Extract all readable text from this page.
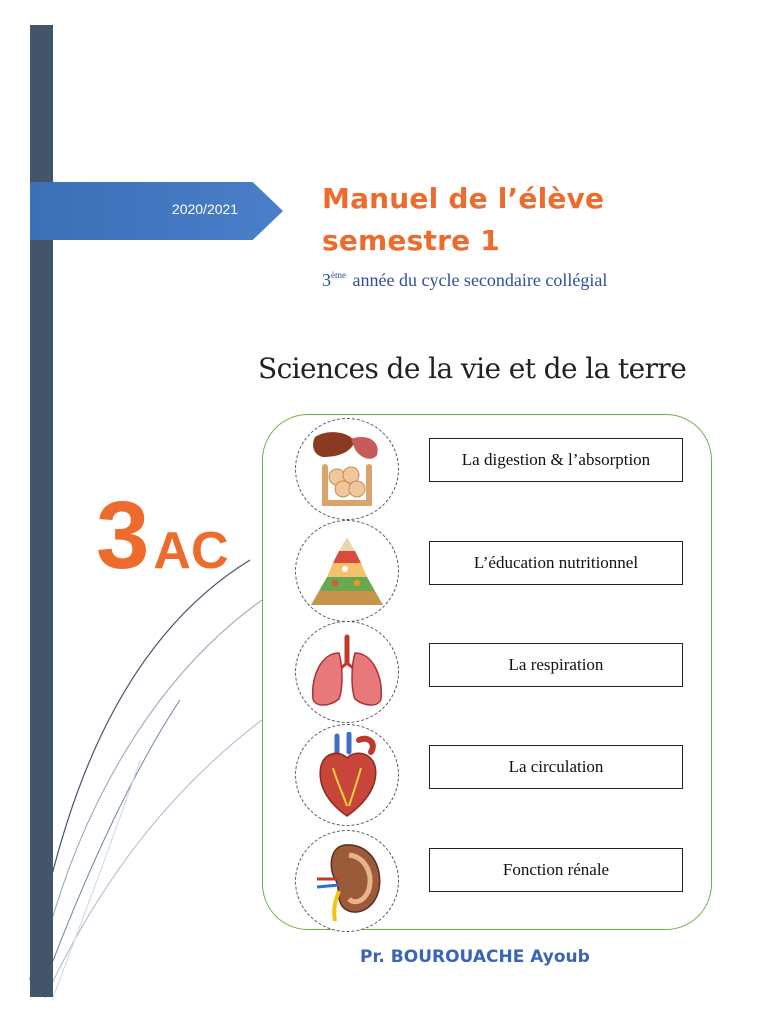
2020/2021	Manuel de l’élève
semestre 1
3ème année du cycle secondaire collégial
Sciences de la vie et de la terre
3AC
La digestion & l’absorption
L’éducation nutritionnel
La respiration
La circulation
Fonction rénale
Pr. BOUROUACHE Ayoub
